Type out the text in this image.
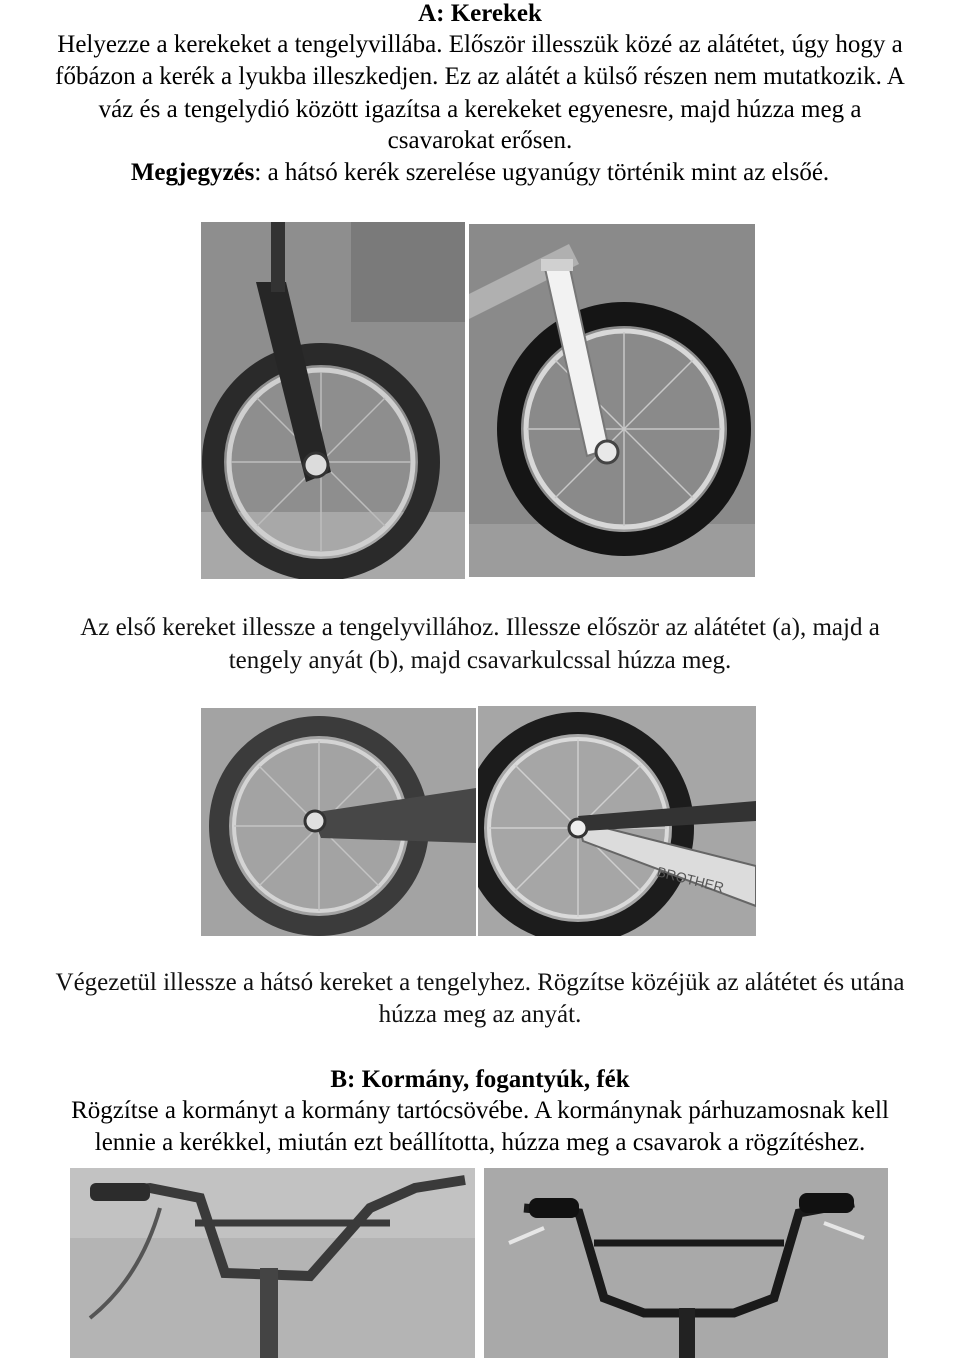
A: Kerekek
Helyezze a kerekeket a tengelyvillába. Először illesszük közé az alátétet, úgy hogy a
főbázon a kerék a lyukba illeszkedjen. Ez az alátét a külső részen nem mutatkozik. A
váz és a tengelydió között igazítsa a kerekeket egyenesre, majd húzza meg a
csavarokat erősen.
Megjegyzés: a hátsó kerék szerelése ugyanúgy történik mint az elsőé.
Az első kereket illessze a tengelyvillához. Illessze először az alátétet (a), majd a
tengely anyát (b), majd csavarkulcssal húzza meg.
BROTHER
Végezetül illessze a hátsó kereket a tengelyhez. Rögzítse közéjük az alátétet és utána
húzza meg az anyát.
B: Kormány, fogantyúk, fék
Rögzítse a kormányt a kormány tartócsövébe. A kormánynak párhuzamosnak kell
lennie a kerékkel, miután ezt beállította, húzza meg a csavarok a rögzítéshez.
